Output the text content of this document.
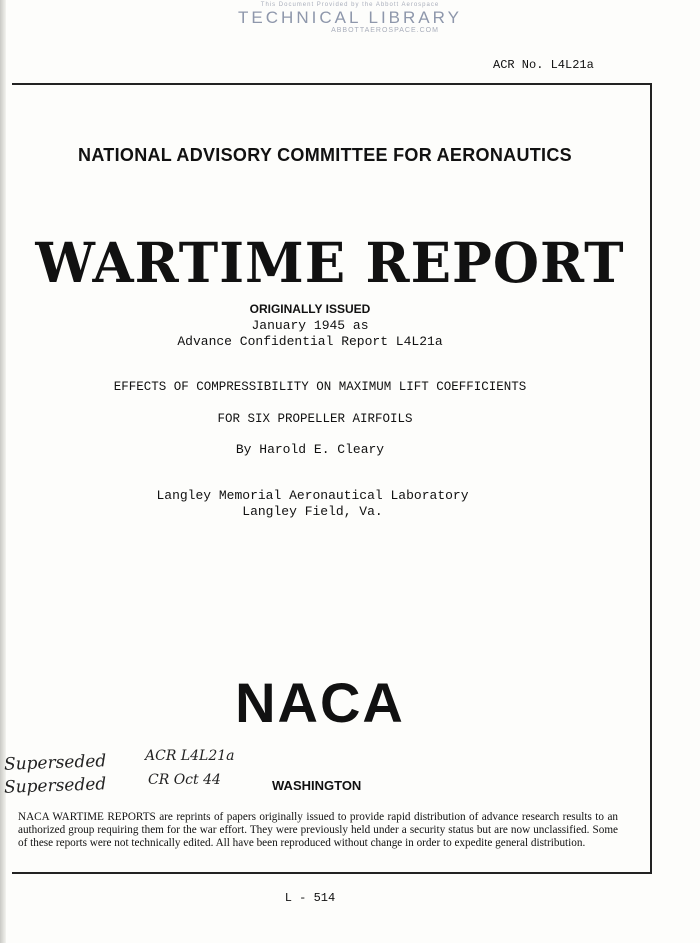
This Document Provided by the Abbott Aerospace
TECHNICAL LIBRARY
ABBOTTAEROSPACE.COM
ACR No. L4L21a
NATIONAL ADVISORY COMMITTEE FOR AERONAUTICS
WARTIME REPORT
ORIGINALLY ISSUED
January 1945 as
Advance Confidential Report L4L21a
EFFECTS OF COMPRESSIBILITY ON MAXIMUM LIFT COEFFICIENTS
FOR SIX PROPELLER AIRFOILS
By Harold E. Cleary
Langley Memorial Aeronautical Laboratory
Langley Field, Va.
NACA
Superseded
Superseded
ACR L4L21a
CR Oct 44	WASHINGTON

NACA WARTIME REPORTS are reprints of papers originally issued to provide rapid distribution of advance research results to an authorized group requiring them for the war effort. They were previously held under a security status but are now unclassified. Some of these reports were not technically edited. All have been reproduced without change in order to expedite general distribution.

L - 514
